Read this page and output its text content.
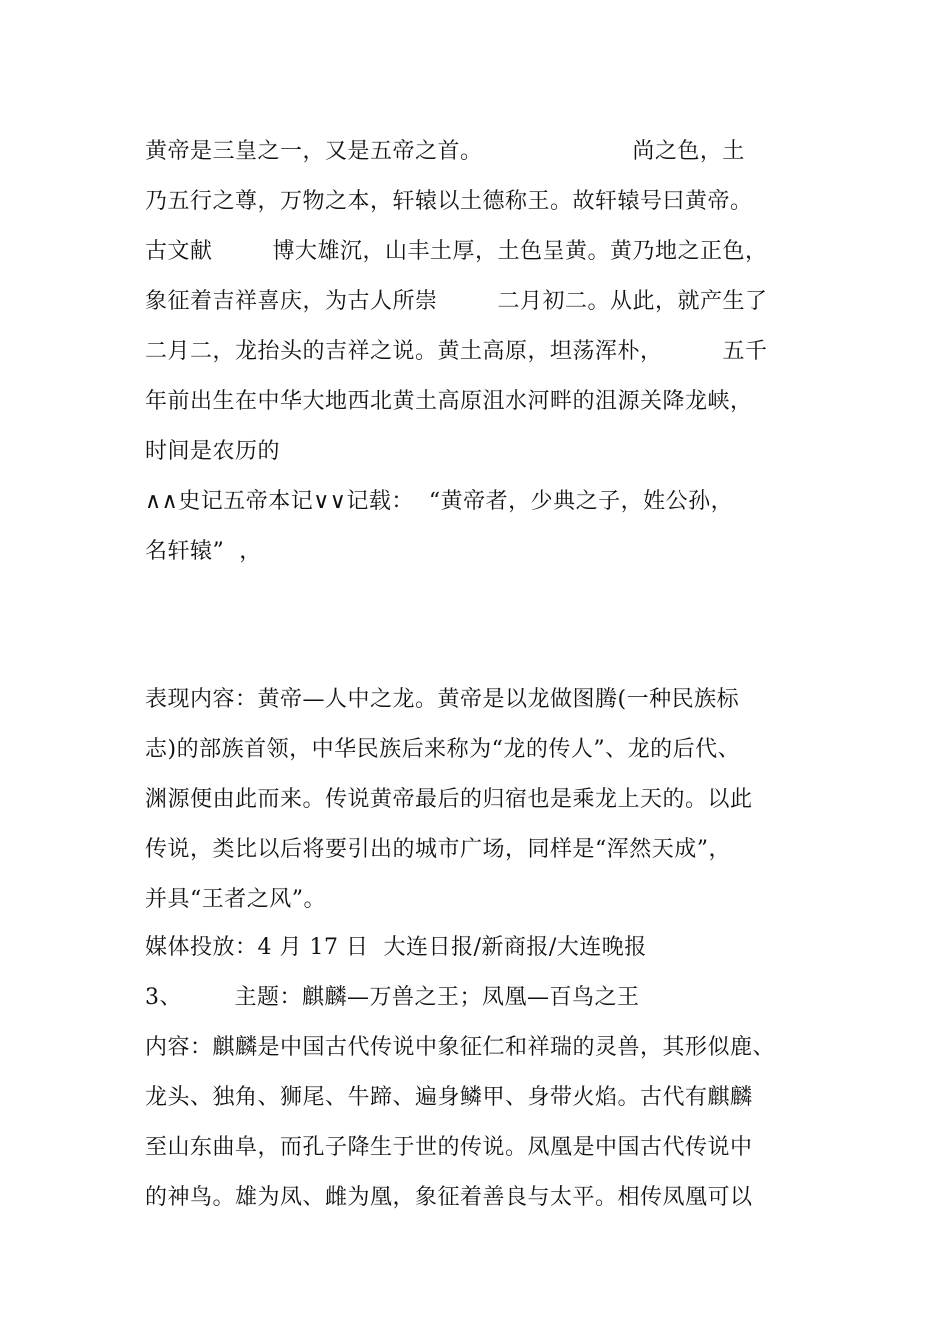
黄帝是三皇之一，又是五帝之首。                    尚之色，土
乃五行之尊，万物之本，轩辕以土德称王。故轩辕号曰黄帝。
古文献        博大雄沉，山丰土厚，土色呈黄。黄乃地之正色，
象征着吉祥喜庆，为古人所崇        二月初二。从此，就产生了
二月二，龙抬头的吉祥之说。黄土高原，坦荡浑朴，        五千
年前出生在中华大地西北黄土高原沮水河畔的沮源关降龙峡，
时间是农历的
∧∧史记五帝本记∨∨记载：  “黄帝者，少典之子，姓公孙，
名轩辕”  ，
表现内容：黄帝—人中之龙。黄帝是以龙做图腾(一种民族标
志)的部族首领，中华民族后来称为“龙的传人”、龙的后代、
渊源便由此而来。传说黄帝最后的归宿也是乘龙上天的。以此
传说，类比以后将要引出的城市广场，同样是“浑然天成”，
并具“王者之风”。
媒体投放：4 月 17 日  大连日报/新商报/大连晚报
3、       主题：麒麟—万兽之王；凤凰—百鸟之王
内容：麒麟是中国古代传说中象征仁和祥瑞的灵兽，其形似鹿、
龙头、独角、狮尾、牛蹄、遍身鳞甲、身带火焰。古代有麒麟
至山东曲阜，而孔子降生于世的传说。凤凰是中国古代传说中
的神鸟。雄为凤、雌为凰，象征着善良与太平。相传凤凰可以
